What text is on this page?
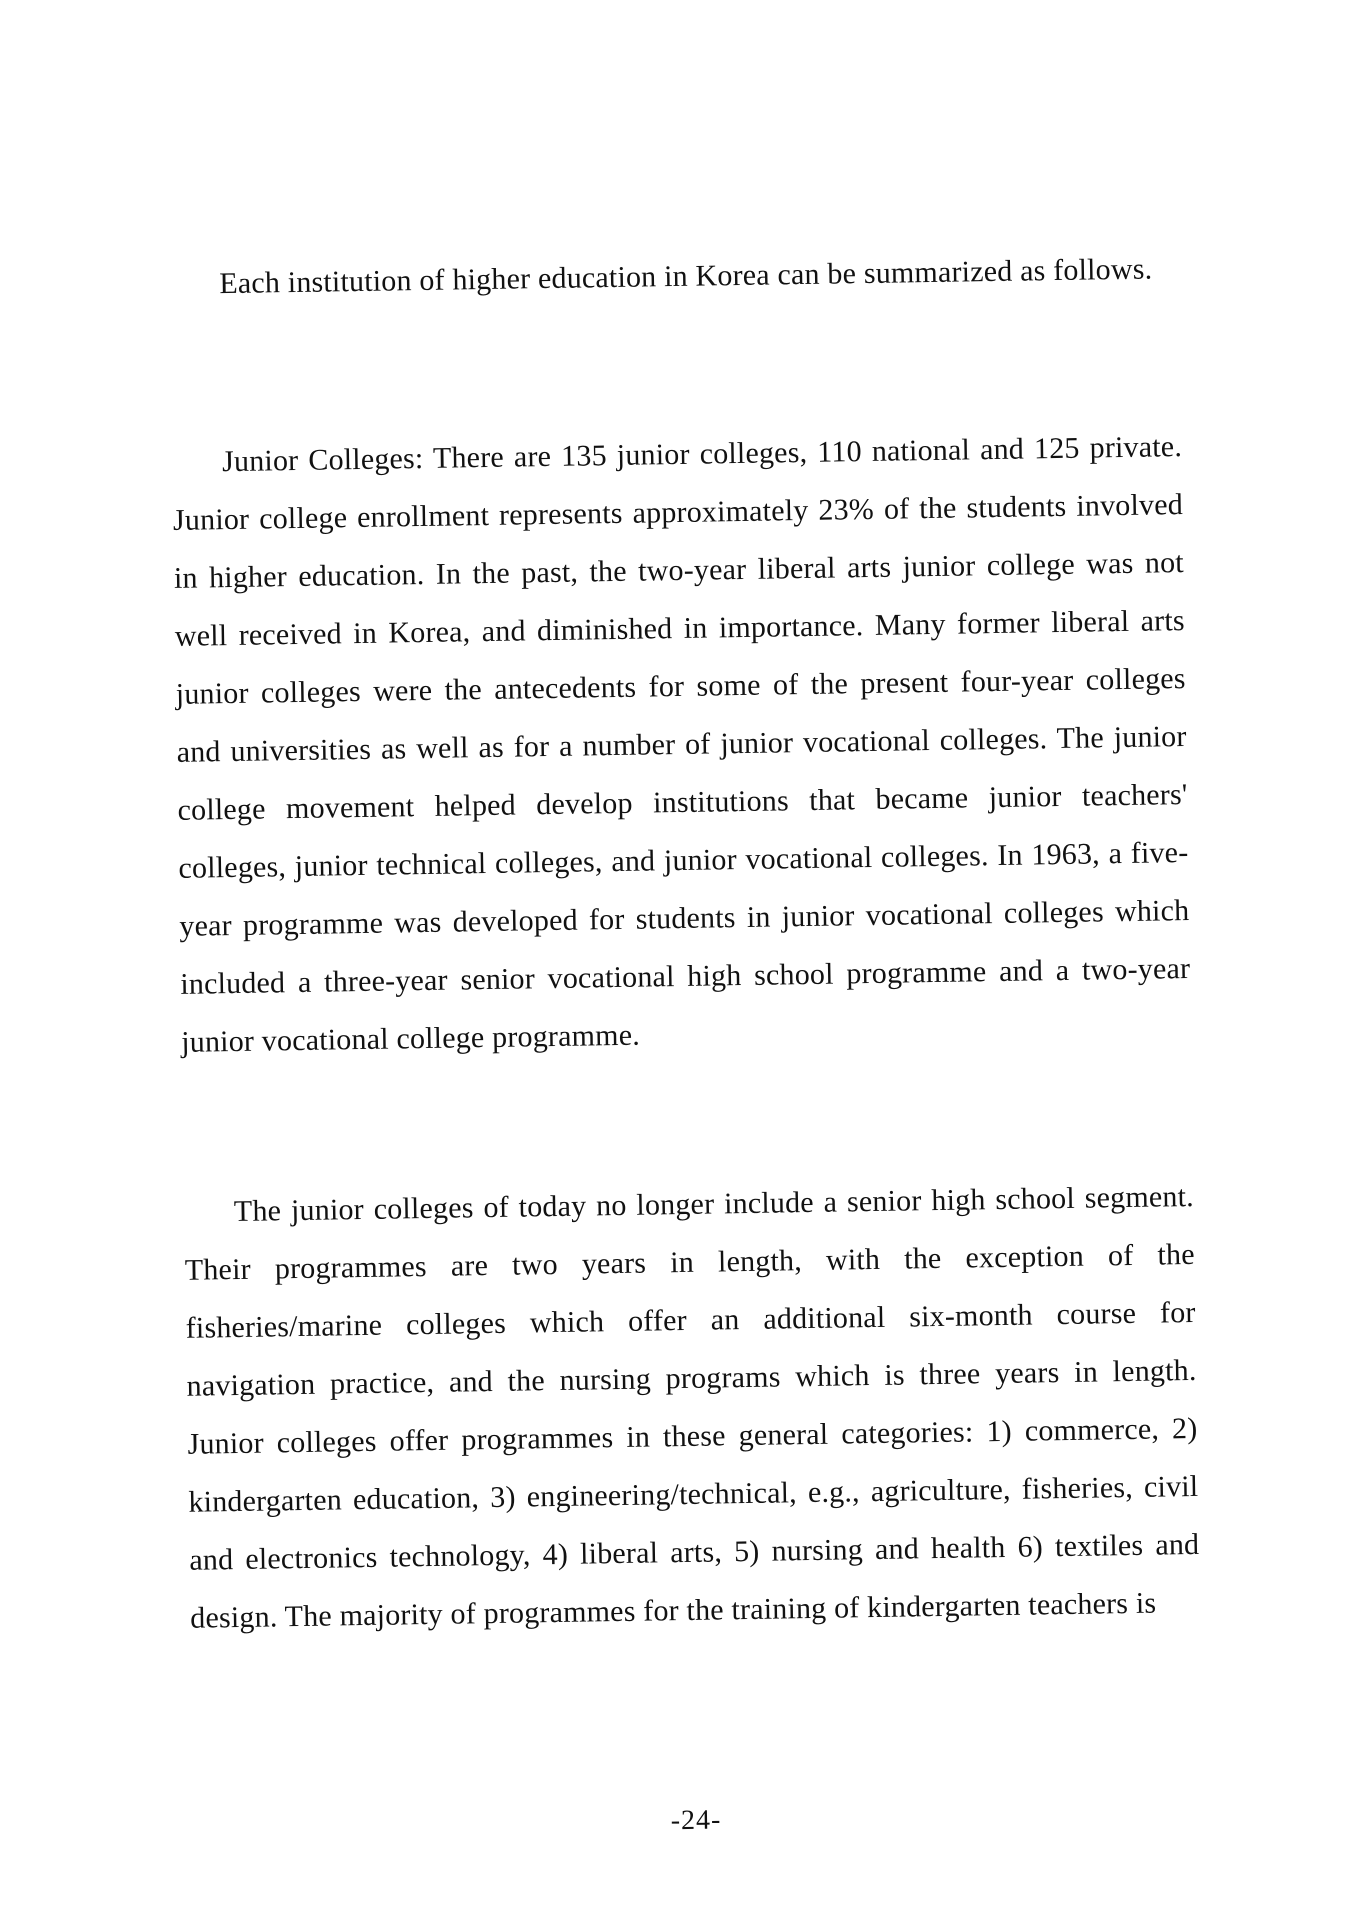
Each institution of higher education in Korea can be summarized as follows.

Junior Colleges: There are 135 junior colleges, 110 national and 125 private. Junior college enrollment represents approximately 23% of the students involved in higher education. In the past, the two-year liberal arts junior college was not well received in Korea, and diminished in importance. Many former liberal arts junior colleges were the antecedents for some of the present four-year colleges and universities as well as for a number of junior vocational colleges. The junior college movement helped develop institutions that became junior teachers' colleges, junior technical colleges, and junior vocational colleges. In 1963, a five-year programme was developed for students in junior vocational colleges which included a three-year senior vocational high school programme and a two-year junior vocational college programme.

The junior colleges of today no longer include a senior high school segment. Their programmes are two years in length, with the exception of the fisheries/marine colleges which offer an additional six-month course for navigation practice, and the nursing programs which is three years in length. Junior colleges offer programmes in these general categories: 1) commerce, 2) kindergarten education, 3) engineering/technical, e.g., agriculture, fisheries, civil and electronics technology, 4) liberal arts, 5) nursing and health 6) textiles and design. The majority of programmes for the training of kindergarten teachers is

-24-
